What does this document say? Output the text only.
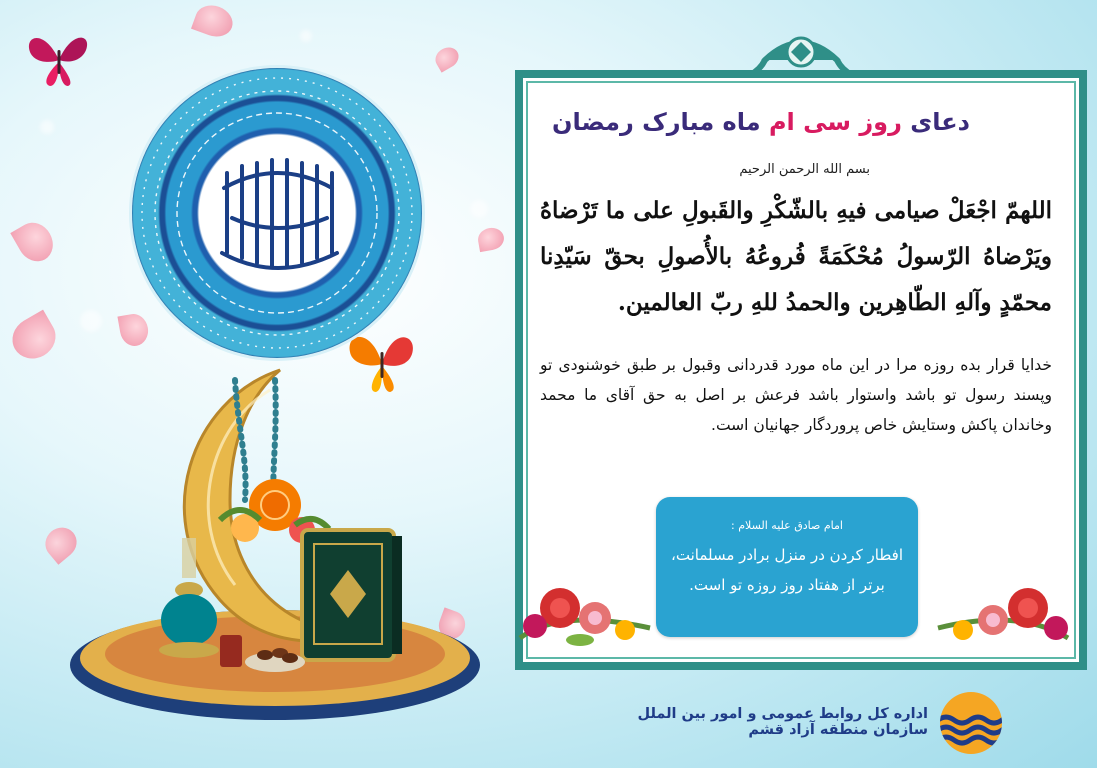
دعای روز سی ام ماه مبارک رمضان
بسم الله الرحمن الرحیم
اللهمّ اجْعَلْ صیامی فیهِ بالشّکْرِ والقَبولِ علی ما تَرْضاهُ ویَرْضاهُ الرّسولُ مُحْکَمَةً فُروعُهُ بالأُصولِ بحقّ سَیّدِنا محمّدٍ وآلهِ الطّاهِرین والحمدُ للهِ ربّ العالمین.
خدایا قرار بده روزه مرا در این ماه مورد قدردانی وقبول بر طبق خوشنودی تو وپسند رسول تو باشد واستوار باشد فرعش بر اصل به حق آقای ما محمد وخاندان پاکش وستایش خاص پروردگار جهانیان است.
امام صادق علیه السلام :
افطار کردن در منزل برادر مسلمانت،
برتر از هفتاد روز روزه تو است.
اداره کل روابط عمومی و امور بین الملل سازمان منطقه آزاد قشم
